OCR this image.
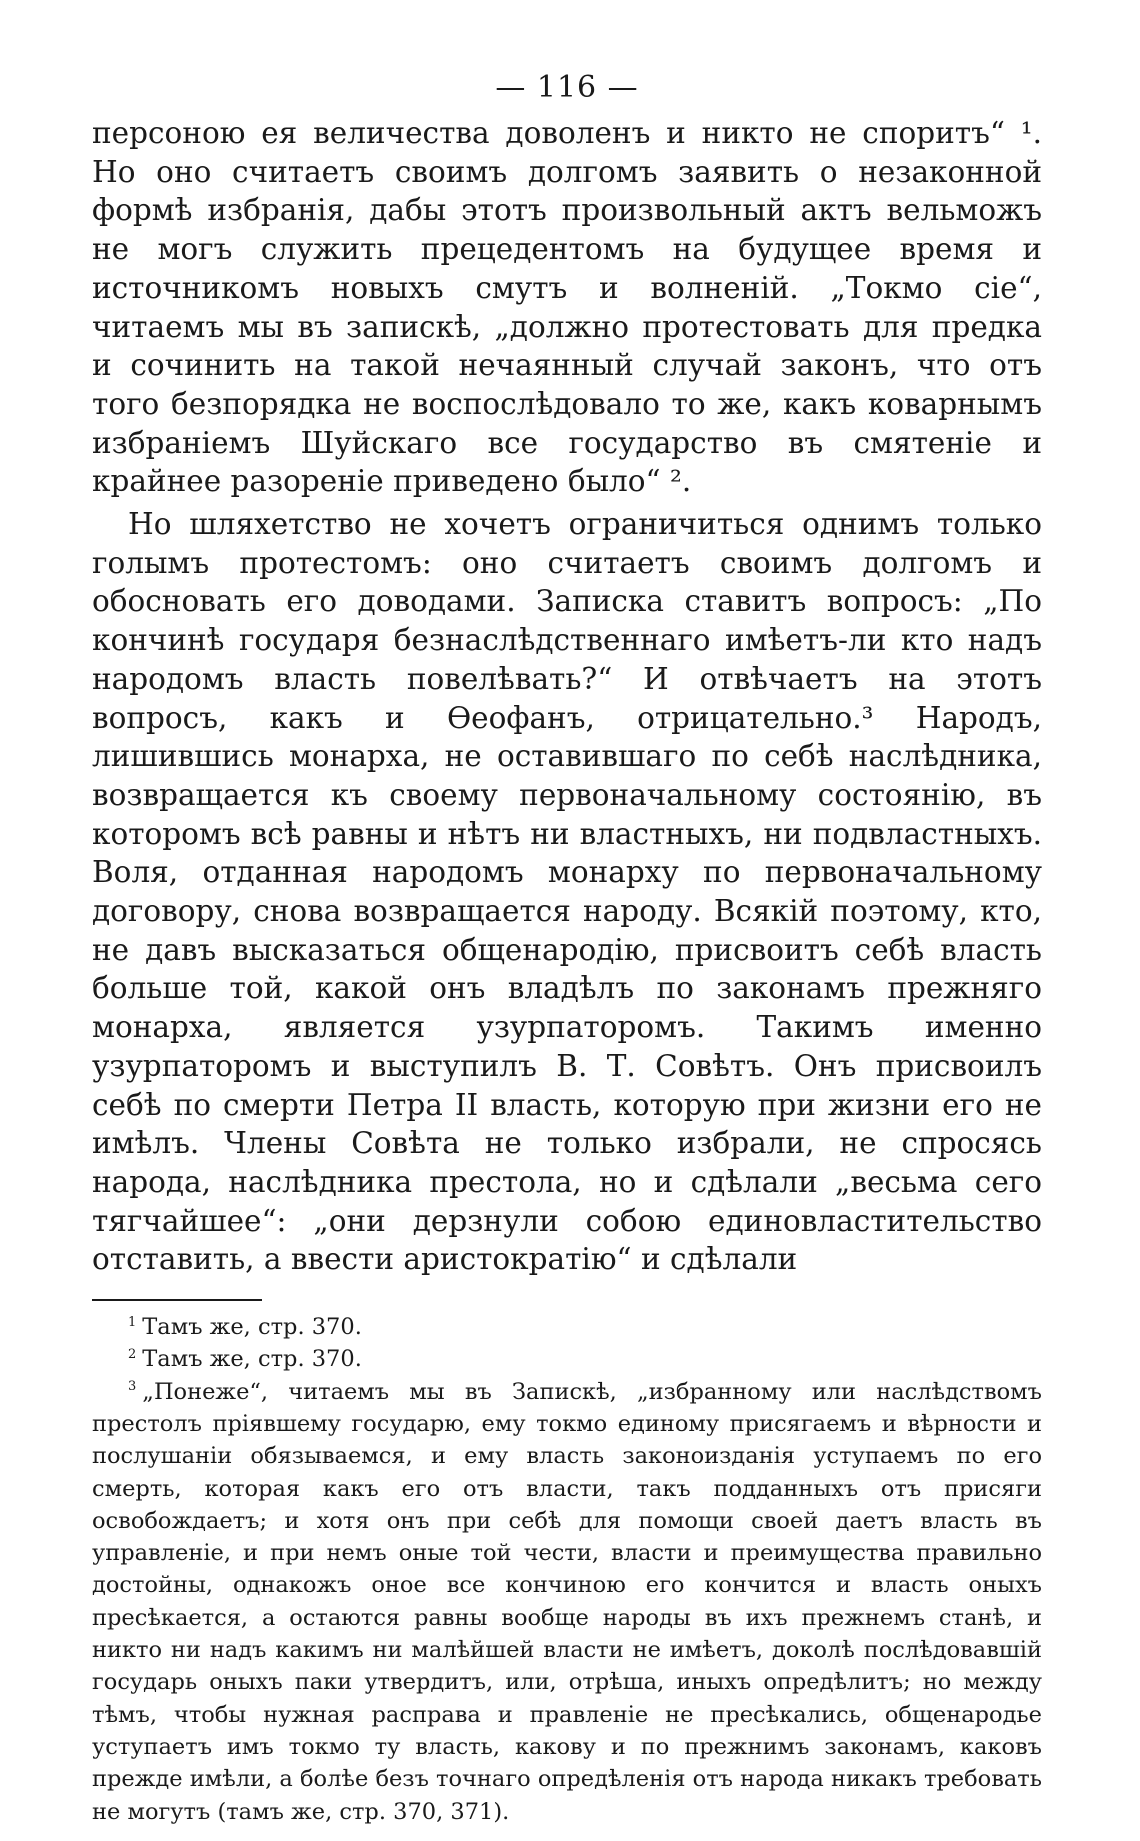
— 116 —

персоною ея величества доволенъ и никто не споритъ“ ¹. Но оно считаетъ своимъ долгомъ заявить о незаконной формѣ избранія, дабы этотъ произвольный актъ вельможъ не могъ служить прецедентомъ на будущее время и источникомъ новыхъ смутъ и волненій. „Токмо сіе“, читаемъ мы въ запискѣ, „должно протестовать для предка и сочинить на такой нечаянный случай законъ, что отъ того безпорядка не воспослѣдовало то же, какъ коварнымъ избраніемъ Шуйскаго все государство въ смятеніе и крайнее разореніе приведено было“ ².

Но шляхетство не хочетъ ограничиться однимъ только голымъ протестомъ: оно считаетъ своимъ долгомъ и обосновать его доводами. Записка ставитъ вопросъ: „По кончинѣ государя безнаслѣдственнаго имѣетъ-ли кто надъ народомъ власть повелѣвать?“ И отвѣчаетъ на этотъ вопросъ, какъ и Ѳеофанъ, отрицательно.³ Народъ, лишившись монарха, не оставившаго по себѣ наслѣдника, возвращается къ своему первоначальному состоянію, въ которомъ всѣ равны и нѣтъ ни властныхъ, ни подвластныхъ. Воля, отданная народомъ монарху по первоначальному договору, снова возвращается народу. Всякій поэтому, кто, не давъ высказаться общенародію, присвоитъ себѣ власть больше той, какой онъ владѣлъ по законамъ прежняго монарха, является узурпаторомъ. Такимъ именно узурпаторомъ и выступилъ В. Т. Совѣтъ. Онъ присвоилъ себѣ по смерти Петра II власть, которую при жизни его не имѣлъ. Члены Совѣта не только избрали, не спросясь народа, наслѣдника престола, но и сдѣлали „весьма сего тягчайшее“: „они дерзнули собою единовластительство отставить, а ввести аристократію“ и сдѣлали

$^1$ Тамъ же, стр. 370.

$^2$ Тамъ же, стр. 370.

$^3$ „Понеже“, читаемъ мы въ Запискѣ, „избранному или наслѣдствомъ престолъ пріявшему государю, ему токмо единому присягаемъ и вѣрности и послушаніи обязываемся, и ему власть законоизданія уступаемъ по его смерть, которая какъ его отъ власти, такъ подданныхъ отъ присяги освобождаетъ; и хотя онъ при себѣ для помощи своей даетъ власть въ управленіе, и при немъ оные той чести, власти и преимущества правильно достойны, однакожъ оное все кончиною его кончится и власть оныхъ пресѣкается, а остаются равны вообще народы въ ихъ прежнемъ станѣ, и никто ни надъ какимъ ни малѣйшей власти не имѣетъ, доколѣ послѣдовавшій государь оныхъ паки утвердитъ, или, отрѣша, иныхъ опредѣлитъ; но между тѣмъ, чтобы нужная расправа и правленіе не пресѣкались, общенародье уступаетъ имъ токмо ту власть, какову и по прежнимъ законамъ, каковъ прежде имѣли, а болѣе безъ точнаго опредѣленія отъ народа никакъ требовать не могутъ (тамъ же, стр. 370, 371).
